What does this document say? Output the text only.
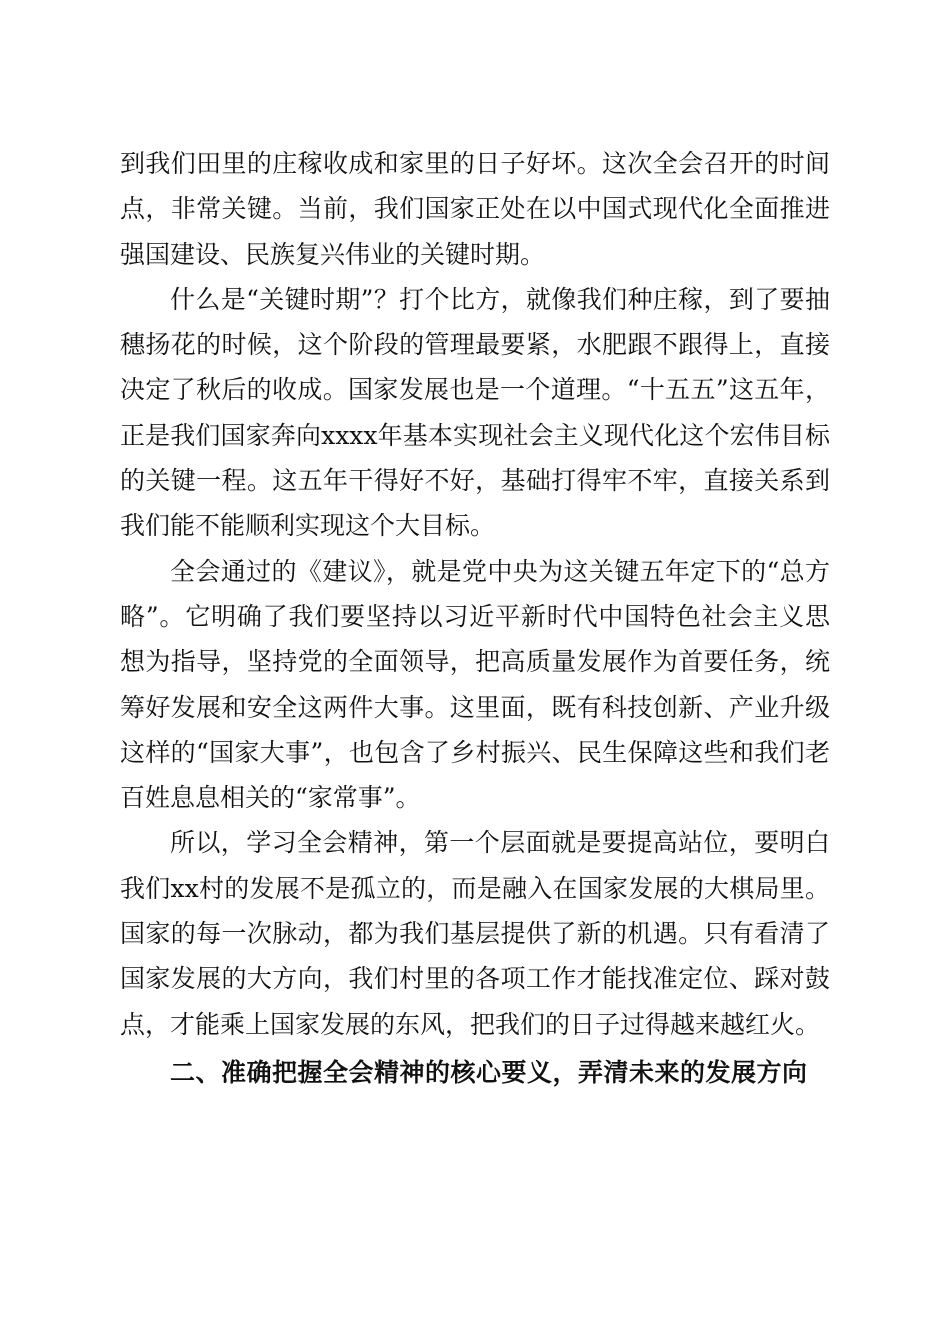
到我们田里的庄稼收成和家里的日子好坏。这次全会召开的时间点，非常关键。当前，我们国家正处在以中国式现代化全面推进强国建设、民族复兴伟业的关键时期。

什么是“关键时期”？打个比方，就像我们种庄稼，到了要抽穗扬花的时候，这个阶段的管理最要紧，水肥跟不跟得上，直接决定了秋后的收成。国家发展也是一个道理。“十五五”这五年，正是我们国家奔向xxxx年基本实现社会主义现代化这个宏伟目标的关键一程。这五年干得好不好，基础打得牢不牢，直接关系到我们能不能顺利实现这个大目标。

全会通过的《建议》，就是党中央为这关键五年定下的“总方略”。它明确了我们要坚持以习近平新时代中国特色社会主义思想为指导，坚持党的全面领导，把高质量发展作为首要任务，统筹好发展和安全这两件大事。这里面，既有科技创新、产业升级这样的“国家大事”，也包含了乡村振兴、民生保障这些和我们老百姓息息相关的“家常事”。

所以，学习全会精神，第一个层面就是要提高站位，要明白我们xx村的发展不是孤立的，而是融入在国家发展的大棋局里。国家的每一次脉动，都为我们基层提供了新的机遇。只有看清了国家发展的大方向，我们村里的各项工作才能找准定位、踩对鼓点，才能乘上国家发展的东风，把我们的日子过得越来越红火。

二、准确把握全会精神的核心要义，弄清未来的发展方向
